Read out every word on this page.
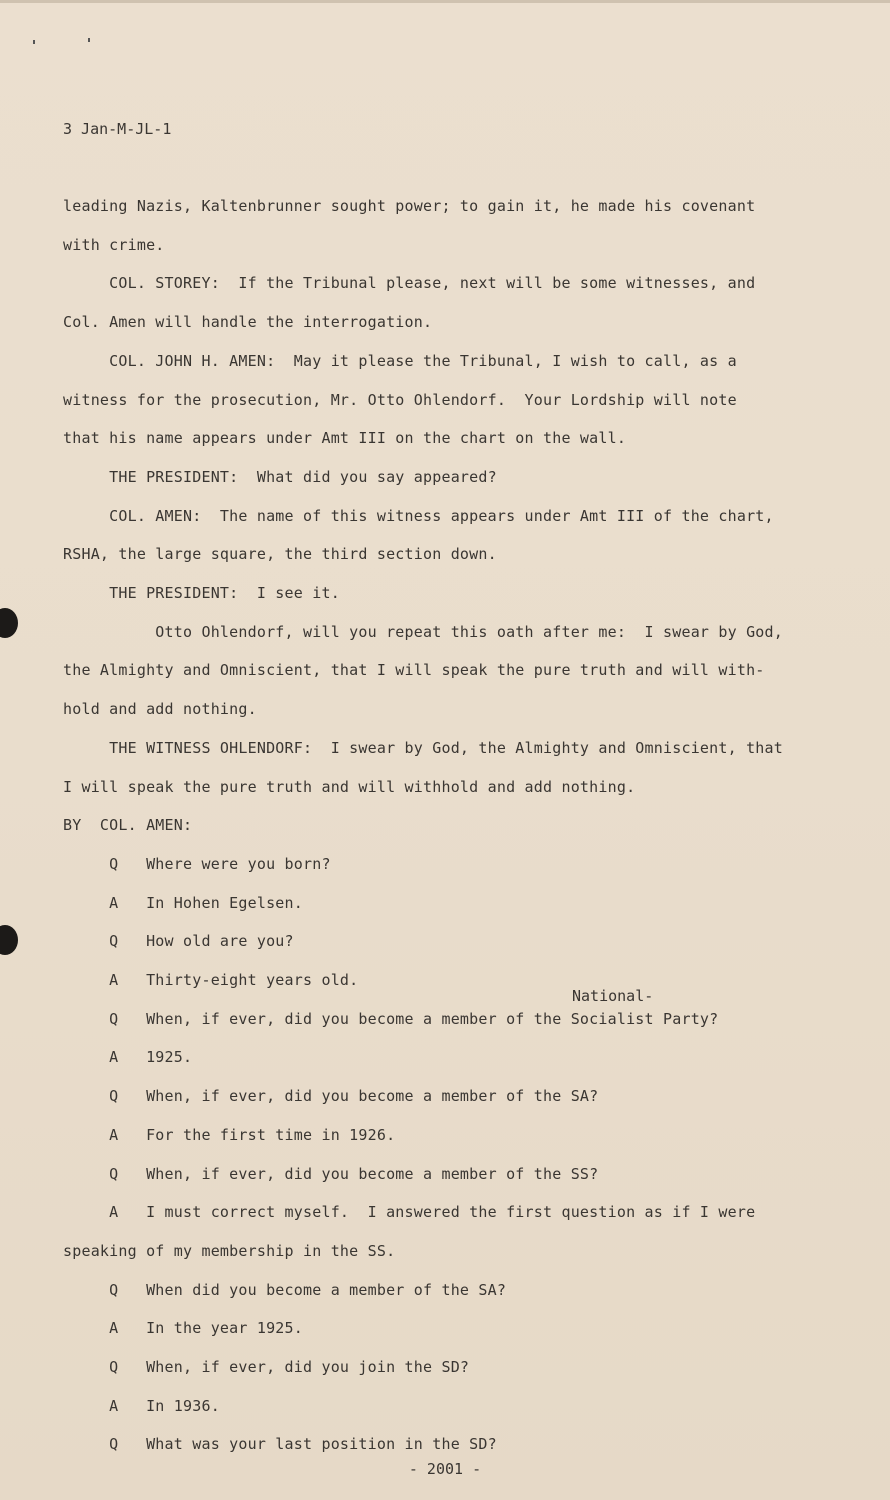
3 Jan-M-JL-1
leading Nazis, Kaltenbrunner sought power; to gain it, he made his covenant
with crime.
COL. STOREY:  If the Tribunal please, next will be some witnesses, and
Col. Amen will handle the interrogation.
COL. JOHN H. AMEN:  May it please the Tribunal, I wish to call, as a
witness for the prosecution, Mr. Otto Ohlendorf.  Your Lordship will note
that his name appears under Amt III on the chart on the wall.
THE PRESIDENT:  What did you say appeared?
COL. AMEN:  The name of this witness appears under Amt III of the chart,
RSHA, the large square, the third section down.
THE PRESIDENT:  I see it.
Otto Ohlendorf, will you repeat this oath after me:  I swear by God,
the Almighty and Omniscient, that I will speak the pure truth and will with-
hold and add nothing.
THE WITNESS OHLENDORF:  I swear by God, the Almighty and Omniscient, that
I will speak the pure truth and will withhold and add nothing.
BY  COL. AMEN:
Q   Where were you born?
A   In Hohen Egelsen.
Q   How old are you?
A   Thirty-eight years old.
Q   When, if ever, did you become a member of the Socialist Party?
A   1925.
Q   When, if ever, did you become a member of the SA?
A   For the first time in 1926.
Q   When, if ever, did you become a member of the SS?
A   I must correct myself.  I answered the first question as if I were
speaking of my membership in the SS.
Q   When did you become a member of the SA?
A   In the year 1925.
Q   When, if ever, did you join the SD?
A   In 1936.
Q   What was your last position in the SD?
National-
- 2001 -
